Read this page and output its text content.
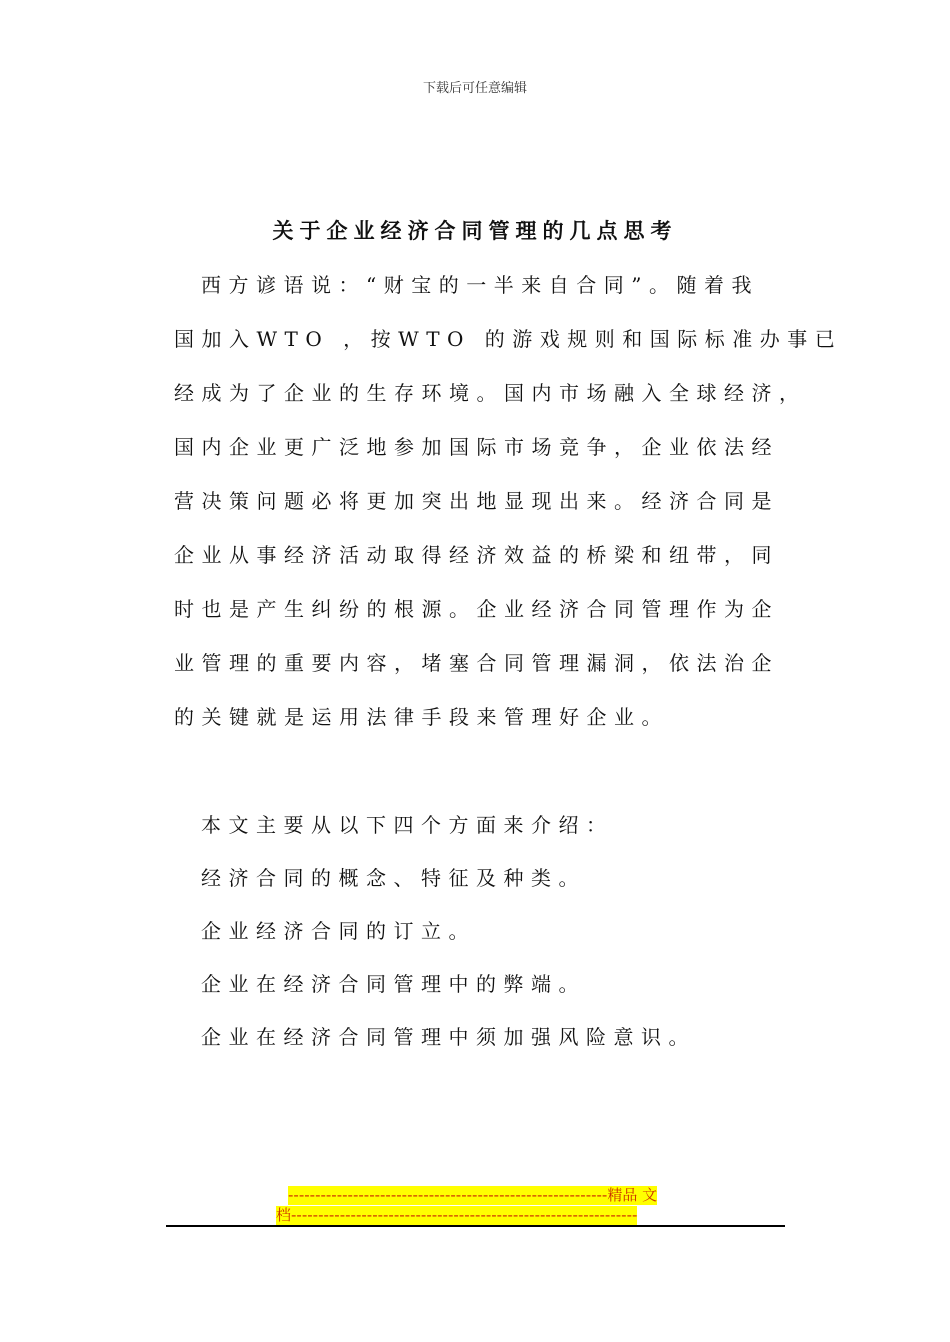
下载后可任意编辑
关于企业经济合同管理的几点思考
西方谚语说：“财宝的一半来自合同”。随着我
国加入WTO ，按WTO 的游戏规则和国际标准办事已
经成为了企业的生存环境。国内市场融入全球经济，
国内企业更广泛地参加国际市场竞争，企业依法经
营决策问题必将更加突出地显现出来。经济合同是
企业从事经济活动取得经济效益的桥梁和纽带，同
时也是产生纠纷的根源。企业经济合同管理作为企
业管理的重要内容，堵塞合同管理漏洞，依法治企
的关键就是运用法律手段来管理好企业。
本文主要从以下四个方面来介绍：
经济合同的概念、特征及种类。
企业经济合同的订立。
企业在经济合同管理中的弊端。
企业在经济合同管理中须加强风险意识。
-----------------------------------------------------------精品 文
档----------------------------------------------------------------
